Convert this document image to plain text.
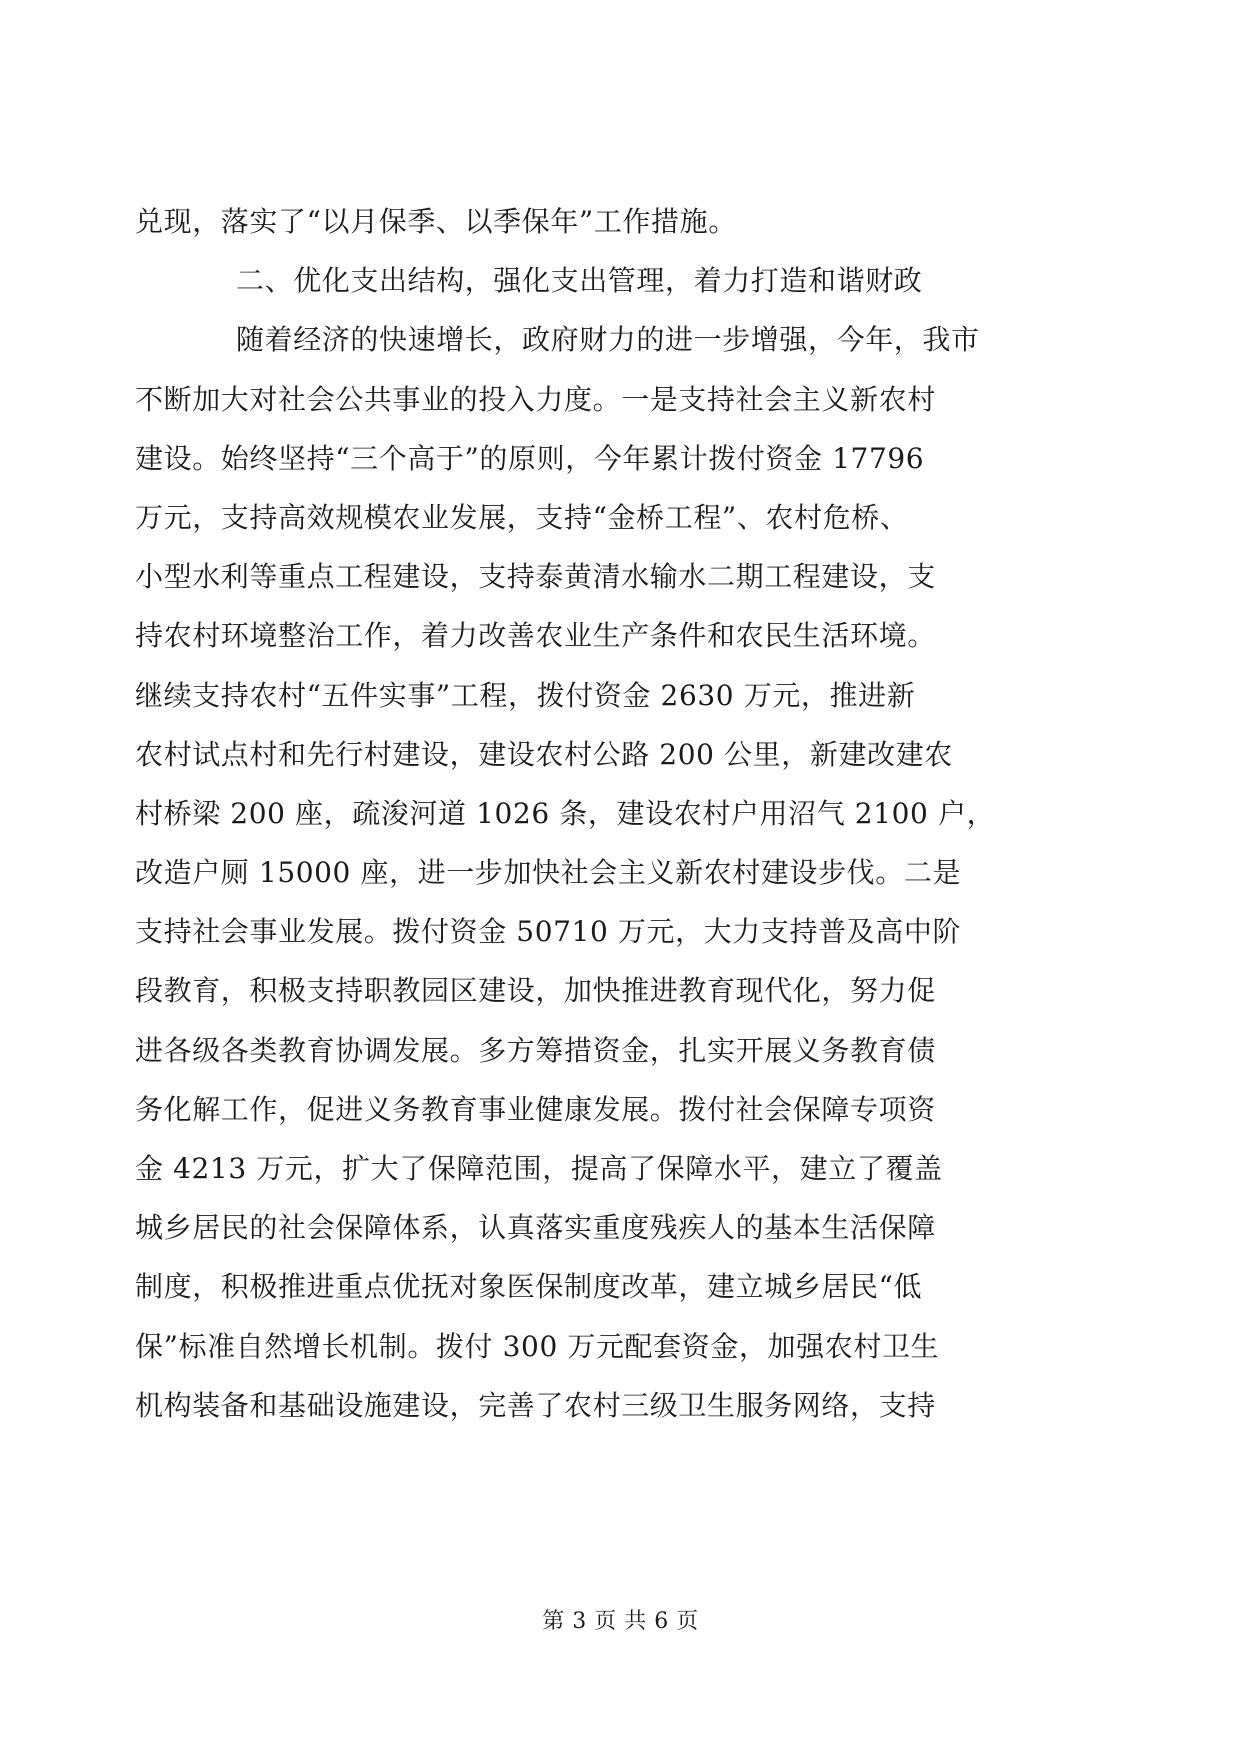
兑现，落实了“以月保季、以季保年”工作措施。
二、优化支出结构，强化支出管理，着力打造和谐财政
随着经济的快速增长，政府财力的进一步增强，今年，我市
不断加大对社会公共事业的投入力度。一是支持社会主义新农村
建设。始终坚持“三个高于”的原则，今年累计拨付资金 17796
万元，支持高效规模农业发展，支持“金桥工程”、农村危桥、
小型水利等重点工程建设，支持泰黄清水输水二期工程建设，支
持农村环境整治工作，着力改善农业生产条件和农民生活环境。
继续支持农村“五件实事”工程，拨付资金 2630 万元，推进新
农村试点村和先行村建设，建设农村公路 200 公里，新建改建农
村桥梁 200 座，疏浚河道 1026 条，建设农村户用沼气 2100 户，
改造户厕 15000 座，进一步加快社会主义新农村建设步伐。二是
支持社会事业发展。拨付资金 50710 万元，大力支持普及高中阶
段教育，积极支持职教园区建设，加快推进教育现代化，努力促
进各级各类教育协调发展。多方筹措资金，扎实开展义务教育债
务化解工作，促进义务教育事业健康发展。拨付社会保障专项资
金 4213 万元，扩大了保障范围，提高了保障水平，建立了覆盖
城乡居民的社会保障体系，认真落实重度残疾人的基本生活保障
制度，积极推进重点优抚对象医保制度改革，建立城乡居民“低
保”标准自然增长机制。拨付 300 万元配套资金，加强农村卫生
机构装备和基础设施建设，完善了农村三级卫生服务网络，支持
第 3 页 共 6 页
